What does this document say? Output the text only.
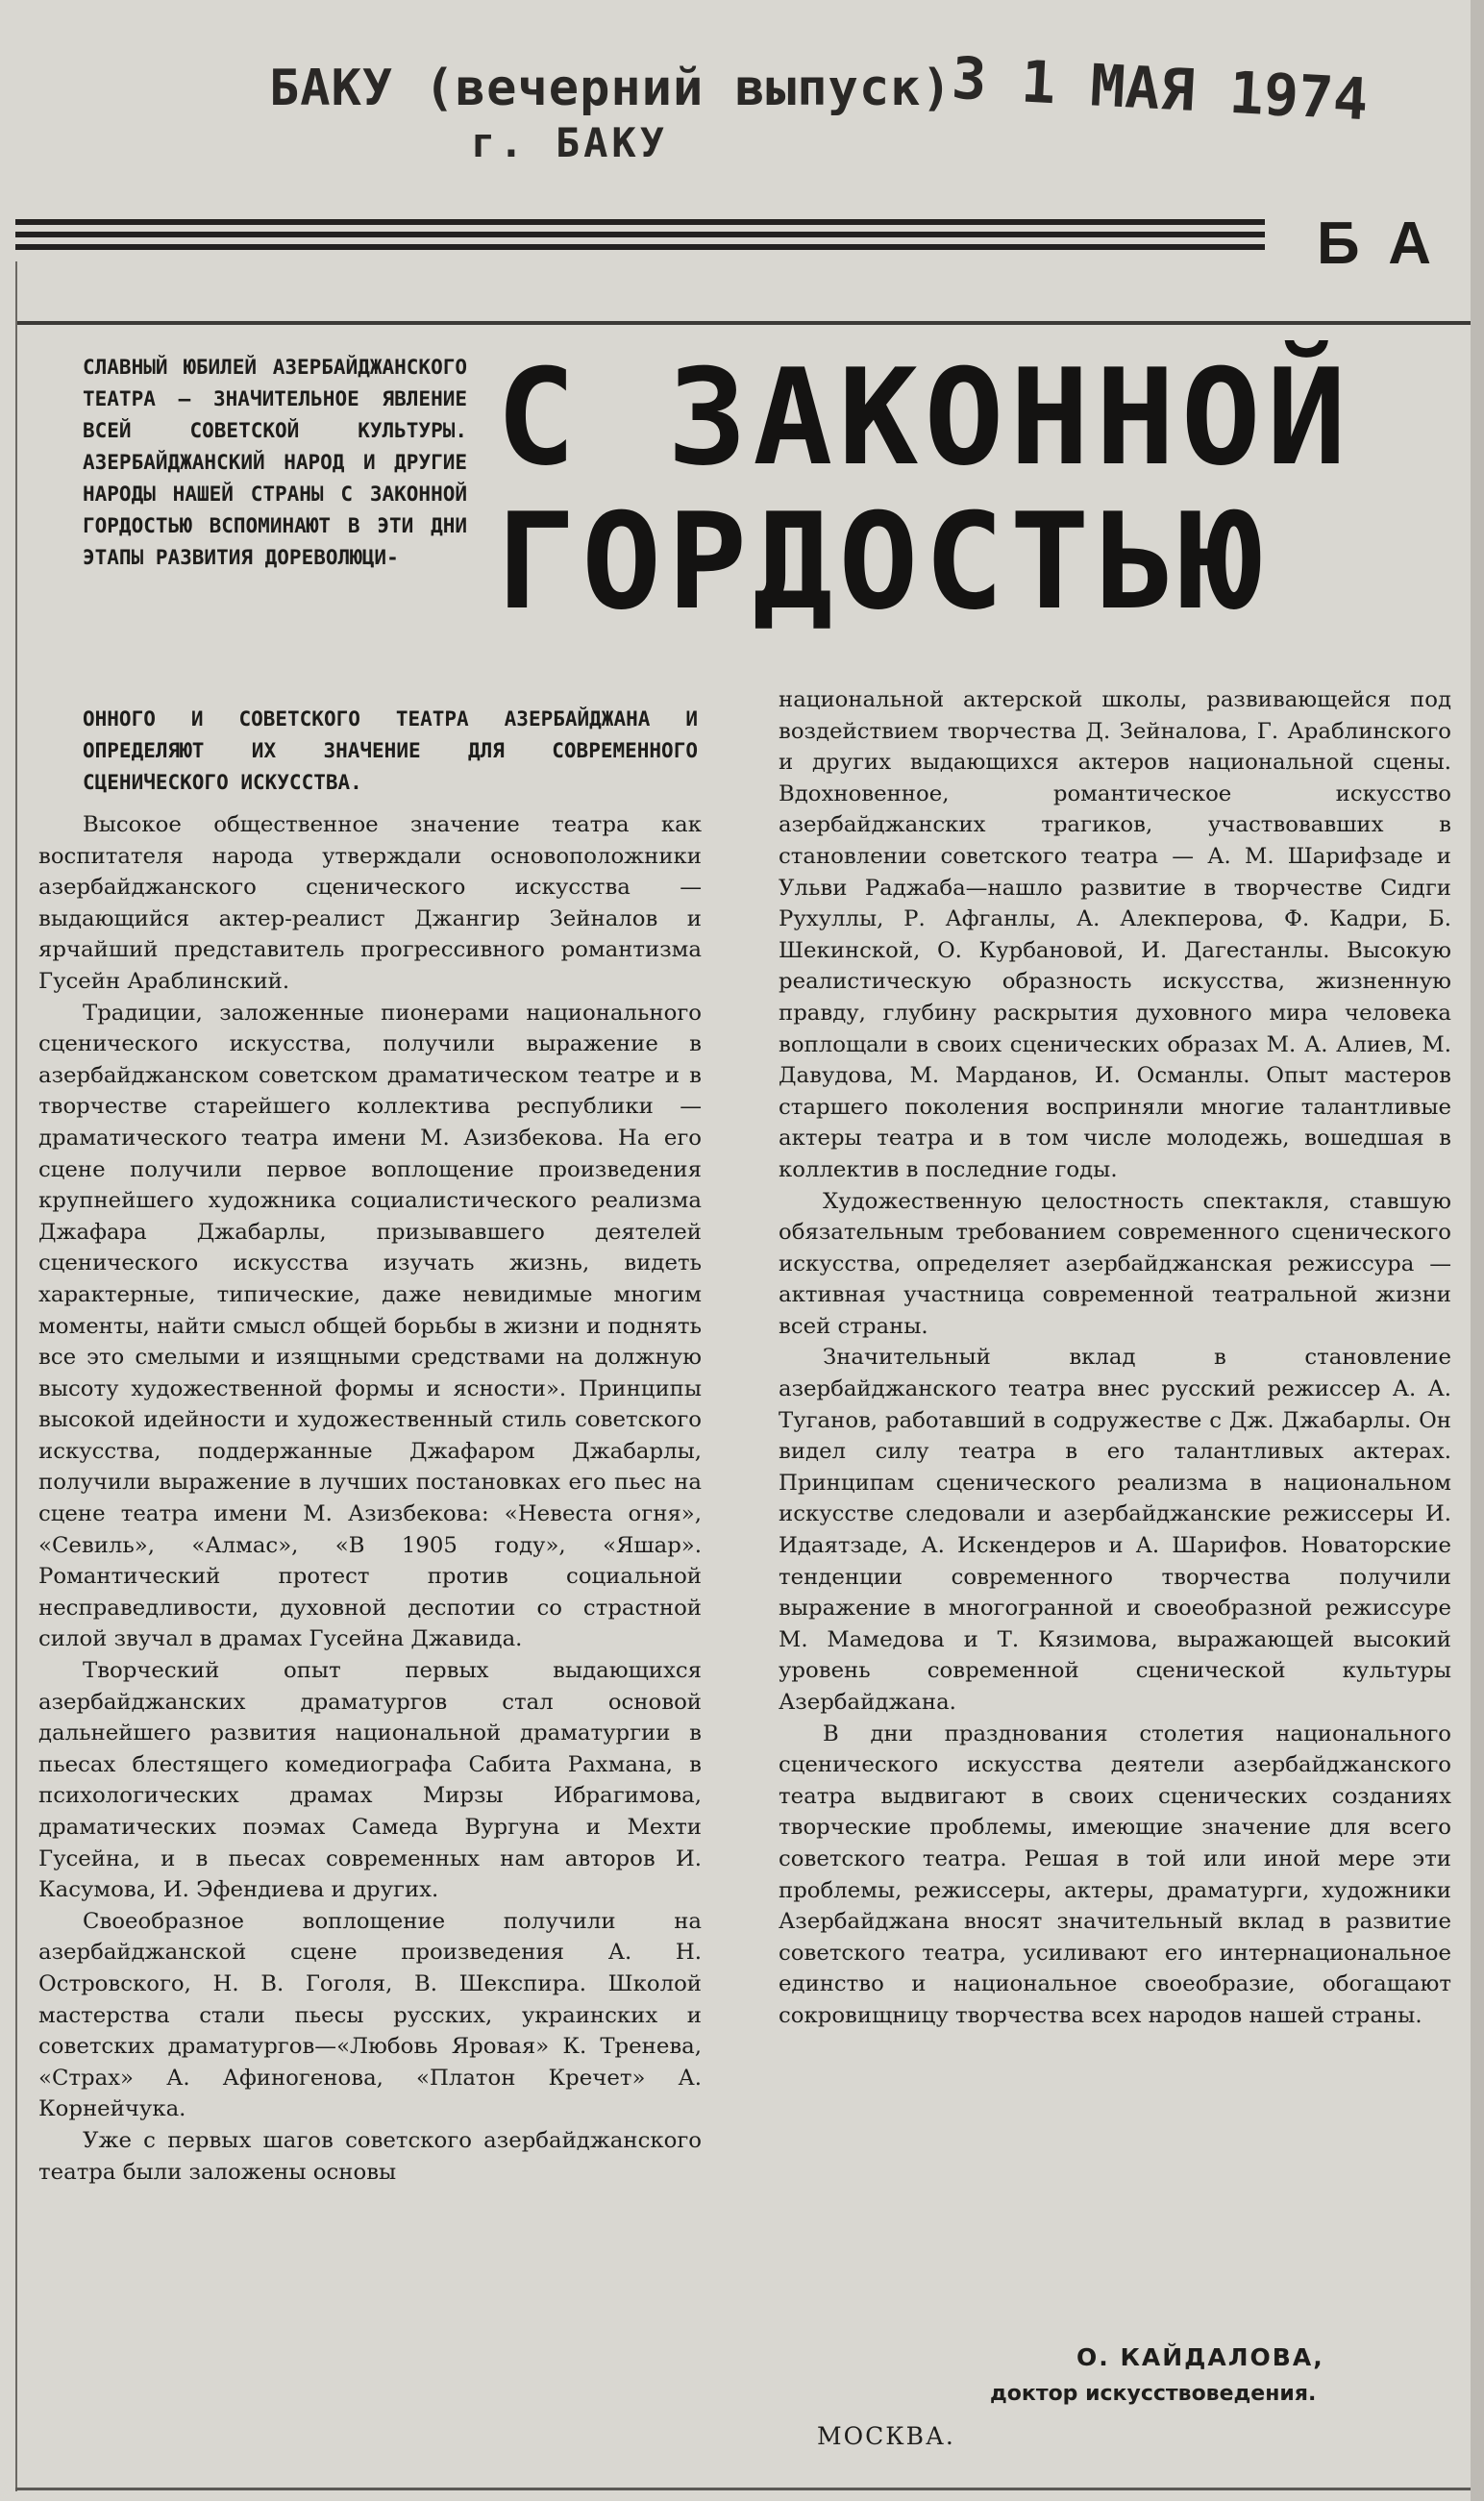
БАКУ (вечерний выпуск)
3 1 МАЯ 1974
г. БАКУ
БА
С ЗАКОННОЙ
ГОРДОСТЬЮ
СЛАВНЫЙ ЮБИЛЕЙ АЗЕРБАЙДЖАНСКОГО ТЕАТРА — ЗНАЧИТЕЛЬНОЕ ЯВЛЕНИЕ ВСЕЙ СОВЕТСКОЙ КУЛЬТУРЫ. АЗЕРБАЙДЖАНСКИЙ НАРОД И ДРУГИЕ НАРОДЫ НАШЕЙ СТРАНЫ С ЗАКОННОЙ ГОРДОСТЬЮ ВСПОМИНАЮТ В ЭТИ ДНИ ЭТАПЫ РАЗВИТИЯ ДОРЕВОЛЮЦИ-
ОННОГО И СОВЕТСКОГО ТЕАТРА АЗЕРБАЙДЖАНА И ОПРЕДЕЛЯЮТ ИХ ЗНАЧЕНИЕ ДЛЯ СОВРЕМЕННОГО СЦЕНИЧЕСКОГО ИСКУССТВА.

Высокое общественное значение театра как воспитателя народа утверждали основоположники азербайджанского сценического искусства — выдающийся актер-реалист Джангир Зейналов и ярчайший представитель прогрессивного романтизма Гусейн Араблинский.

Традиции, заложенные пионерами национального сценического искусства, получили выражение в азербайджанском советском драматическом театре и в творчестве старейшего коллектива республики — драматического театра имени М. Азизбекова. На его сцене получили первое воплощение произведения крупнейшего художника социалистического реализма Джафара Джабарлы, призывавшего деятелей сценического искусства изучать жизнь, видеть характерные, типические, даже невидимые многим моменты, найти смысл общей борьбы в жизни и поднять все это смелыми и изящными средствами на должную высоту художественной формы и ясности». Принципы высокой идейности и художественный стиль советского искусства, поддержанные Джафаром Джабарлы, получили выражение в лучших постановках его пьес на сцене театра имени М. Азизбекова: «Невеста огня», «Севиль», «Алмас», «В 1905 году», «Яшар». Романтический протест против социальной несправедливости, духовной деспотии со страстной силой звучал в драмах Гусейна Джавида.

Творческий опыт первых выдающихся азербайджанских драматургов стал основой дальнейшего развития национальной драматургии в пьесах блестящего комедиографа Сабита Рахмана, в психологических драмах Мирзы Ибрагимова, драматических поэмах Самеда Вургуна и Мехти Гусейна, и в пьесах современных нам авторов И. Касумова, И. Эфендиева и других.

Своеобразное воплощение получили на азербайджанской сцене произведения А. Н. Островского, Н. В. Гоголя, В. Шекспира. Школой мастерства стали пьесы русских, украинских и советских драматургов—«Любовь Яровая» К. Тренева, «Страх» А. Афиногенова, «Платон Кречет» А. Корнейчука.

Уже с первых шагов советского азербайджанского театра были заложены основы

национальной актерской школы, развивающейся под воздействием творчества Д. Зейналова, Г. Араблинского и других выдающихся актеров национальной сцены. Вдохновенное, романтическое искусство азербайджанских трагиков, участвовавших в становлении советского театра — А. М. Шарифзаде и Ульви Раджаба—нашло развитие в творчестве Сидги Рухуллы, Р. Афганлы, А. Алекперова, Ф. Кадри, Б. Шекинской, О. Курбановой, И. Дагестанлы. Высокую реалистическую образность искусства, жизненную правду, глубину раскрытия духовного мира человека воплощали в своих сценических образах М. А. Алиев, М. Давудова, М. Марданов, И. Османлы. Опыт мастеров старшего поколения восприняли многие талантливые актеры театра и в том числе молодежь, вошедшая в коллектив в последние годы.

Художественную целостность спектакля, ставшую обязательным требованием современного сценического искусства, определяет азербайджанская режиссура — активная участница современной театральной жизни всей страны.

Значительный вклад в становление азербайджанского театра внес русский режиссер А. А. Туганов, работавший в содружестве с Дж. Джабарлы. Он видел силу театра в его талантливых актерах. Принципам сценического реализма в национальном искусстве следовали и азербайджанские режиссеры И. Идаятзаде, А. Искендеров и А. Шарифов. Новаторские тенденции современного творчества получили выражение в многогранной и своеобразной режиссуре М. Мамедова и Т. Кязимова, выражающей высокий уровень современной сценической культуры Азербайджана.

В дни празднования столетия национального сценического искусства деятели азербайджанского театра выдвигают в своих сценических созданиях творческие проблемы, имеющие значение для всего советского театра. Решая в той или иной мере эти проблемы, режиссеры, актеры, драматурги, художники Азербайджана вносят значительный вклад в развитие советского театра, усиливают его интернациональное единство и национальное своеобразие, обогащают сокровищницу творчества всех народов нашей страны.

О. КАЙДАЛОВА,
доктор искусствоведения.
МОСКВА.
